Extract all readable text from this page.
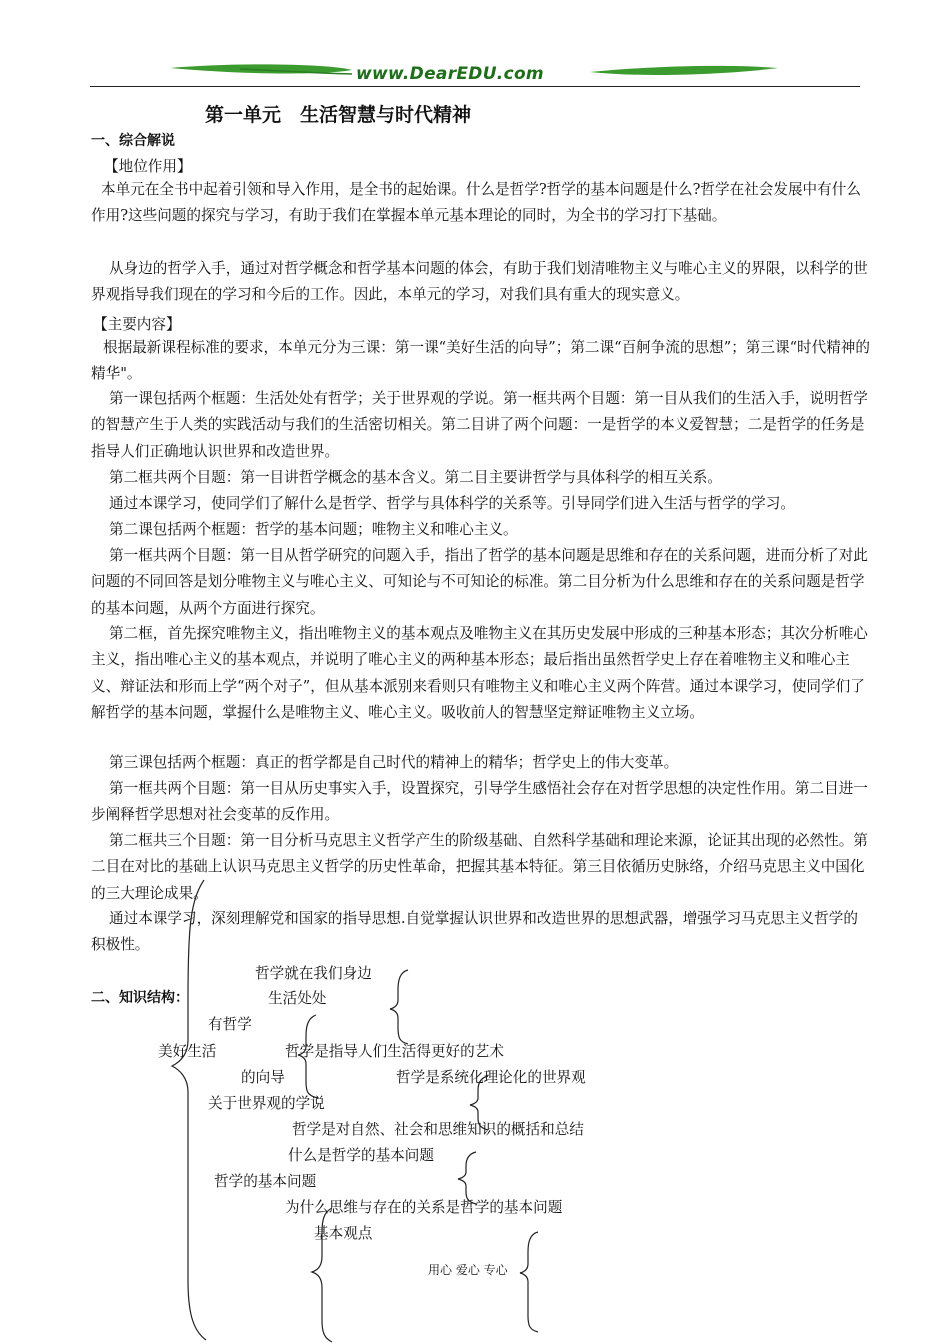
www.DearEDU.com
第一单元　生活智慧与时代精神
一、综合解说
【地位作用】

本单元在全书中起着引领和导入作用，是全书的起始课。什么是哲学?哲学的基本问题是什么?哲学在社会发展中有什么作用?这些问题的探究与学习，有助于我们在掌握本单元基本理论的同时，为全书的学习打下基础。

从身边的哲学入手，通过对哲学概念和哲学基本问题的体会，有助于我们划清唯物主义与唯心主义的界限，以科学的世界观指导我们现在的学习和今后的工作。因此，本单元的学习，对我们具有重大的现实意义。

【主要内容】

根据最新课程标准的要求，本单元分为三课：第一课“美好生活的向导”；第二课“百舸争流的思想”；第三课“时代精神的精华"。

第一课包括两个框题：生活处处有哲学；关于世界观的学说。第一框共两个目题：第一目从我们的生活入手，说明哲学的智慧产生于人类的实践活动与我们的生活密切相关。第二目讲了两个问题：一是哲学的本义爱智慧；二是哲学的任务是指导人们正确地认识世界和改造世界。

第二框共两个目题：第一目讲哲学概念的基本含义。第二目主要讲哲学与具体科学的相互关系。

通过本课学习，使同学们了解什么是哲学、哲学与具体科学的关系等。引导同学们进入生活与哲学的学习。

第二课包括两个框题：哲学的基本问题；唯物主义和唯心主义。

第一框共两个目题：第一目从哲学研究的问题入手，指出了哲学的基本问题是思维和存在的关系问题，进而分析了对此问题的不同回答是划分唯物主义与唯心主义、可知论与不可知论的标准。第二目分析为什么思维和存在的关系问题是哲学的基本问题，从两个方面进行探究。

第二框，首先探究唯物主义，指出唯物主义的基本观点及唯物主义在其历史发展中形成的三种基本形态；其次分析唯心主义，指出唯心主义的基本观点，并说明了唯心主义的两种基本形态；最后指出虽然哲学史上存在着唯物主义和唯心主义、辩证法和形而上学“两个对子”，但从基本派别来看则只有唯物主义和唯心主义两个阵营。通过本课学习，使同学们了解哲学的基本问题，掌握什么是唯物主义、唯心主义。吸收前人的智慧坚定辩证唯物主义立场。

第三课包括两个框题：真正的哲学都是自己时代的精神上的精华；哲学史上的伟大变革。

第一框共两个目题：第一目从历史事实入手，设置探究，引导学生感悟社会存在对哲学思想的决定性作用。第二目进一步阐释哲学思想对社会变革的反作用。

第二框共三个目题：第一目分析马克思主义哲学产生的阶级基础、自然科学基础和理论来源，论证其出现的必然性。第二目在对比的基础上认识马克思主义哲学的历史性革命，把握其基本特征。第三目依循历史脉络，介绍马克思主义中国化的三大理论成果。

通过本课学习，深刻理解党和国家的指导思想.自觉掌握认识世界和改造世界的思想武器，增强学习马克思主义哲学的积极性。

二、知识结构：
哲学就在我们身边
生活处处
有哲学
美好生活	哲学是指导人们生活得更好的艺术
的向导	哲学是系统化理论化的世界观
关于世界观的学说
哲学是对自然、社会和思维知识的概括和总结
什么是哲学的基本问题
哲学的基本问题
为什么思维与存在的关系是哲学的基本问题
基本观点
用心 爱心 专心
